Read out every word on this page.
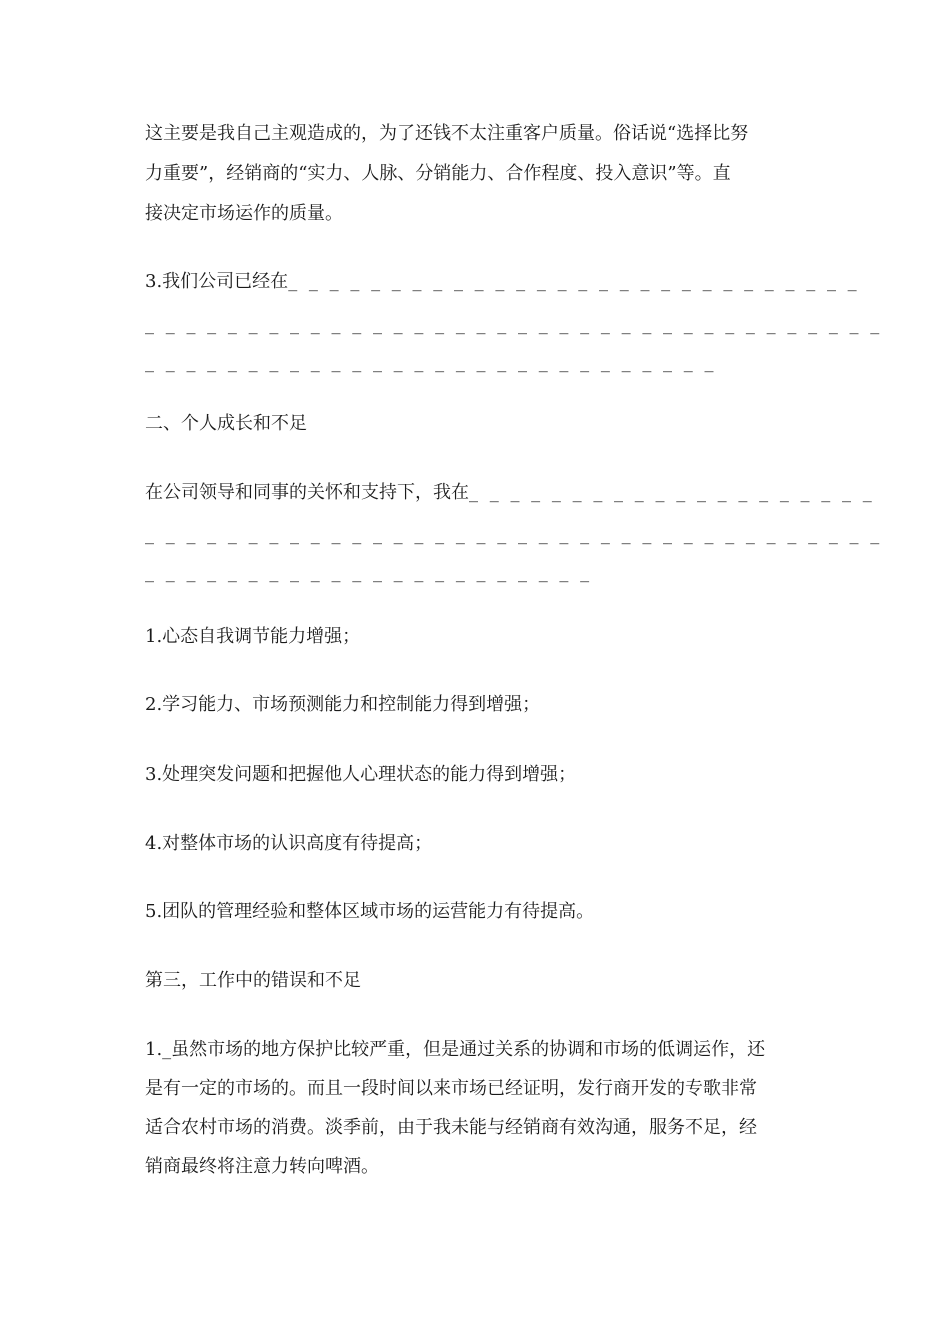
这主要是我自己主观造成的，为了还钱不太注重客户质量。俗话说“选择比努
力重要”，经销商的“实力、人脉、分销能力、合作程度、投入意识”等。直
接决定市场运作的质量。
3.我们公司已经在_ _ _ _ _ _ _ _ _ _ _ _ _ _ _ _ _ _ _ _ _ _ _ _ _ _ _ _
_ _ _ _ _ _ _ _ _ _ _ _ _ _ _ _ _ _ _ _ _ _ _ _ _ _ _ _ _ _ _ _ _ _ _ _
_ _ _ _ _ _ _ _ _ _ _ _ _ _ _ _ _ _ _ _ _ _ _ _ _ _ _ _
二、个人成长和不足
在公司领导和同事的关怀和支持下，我在_ _ _ _ _ _ _ _ _ _ _ _ _ _ _ _ _ _ _ _
_ _ _ _ _ _ _ _ _ _ _ _ _ _ _ _ _ _ _ _ _ _ _ _ _ _ _ _ _ _ _ _ _ _ _ _
_ _ _ _ _ _ _ _ _ _ _ _ _ _ _ _ _ _ _ _ _ _
1.心态自我调节能力增强；
2.学习能力、市场预测能力和控制能力得到增强；
3.处理突发问题和把握他人心理状态的能力得到增强；
4.对整体市场的认识高度有待提高；
5.团队的管理经验和整体区域市场的运营能力有待提高。
第三，工作中的错误和不足
1._虽然市场的地方保护比较严重，但是通过关系的协调和市场的低调运作，还
是有一定的市场的。而且一段时间以来市场已经证明，发行商开发的专歌非常
适合农村市场的消费。淡季前，由于我未能与经销商有效沟通，服务不足，经
销商最终将注意力转向啤酒。
